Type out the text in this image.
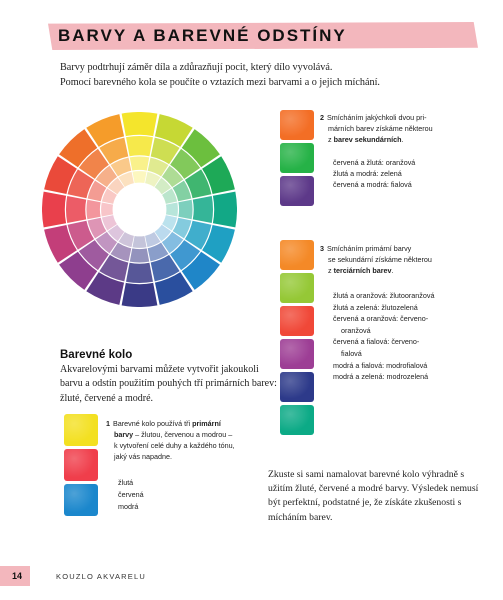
BARVY A BAREVNÉ ODSTÍNY
Barvy podtrhují záměr díla a zdůrazňují pocit, který dílo vyvolává.
Pomocí barevného kola se poučíte o vztazích mezi barvami a o jejich míchání.
2 Smícháním jakýchkoli dvou pri-
márních barev získáme některou
z barev sekundárních.
červená a žlutá: oranžová
žlutá a modrá: zelená
červená a modrá: fialová
3 Smícháním primární barvy
se sekundární získáme některou
z terciárních barev.
žlutá a oranžová: žlutooranžová
žlutá a zelená: žlutozelená
červená a oranžová: červeno-
oranžová
červená a fialová: červeno-
fialová
modrá a fialová: modrofialová
modrá a zelená: modrozelená
Barevné kolo
Akvarelovými barvami můžete vytvořit jakoukoli barvu a odstín použitím pouhých tří primárních barev: žluté, červené a modré.
1 Barevné kolo používá tři primární
barvy – žlutou, červenou a modrou –
k vytvoření celé duhy a každého tónu,
jaký vás napadne.
žlutá
červená
modrá
Zkuste si sami namalovat barevné kolo výhradně s užitím žluté, červené a modré barvy. Výsledek nemusí být perfektní, podstatné je, že získáte zkušenosti s mícháním barev.
14	KOUZLO AKVARELU
